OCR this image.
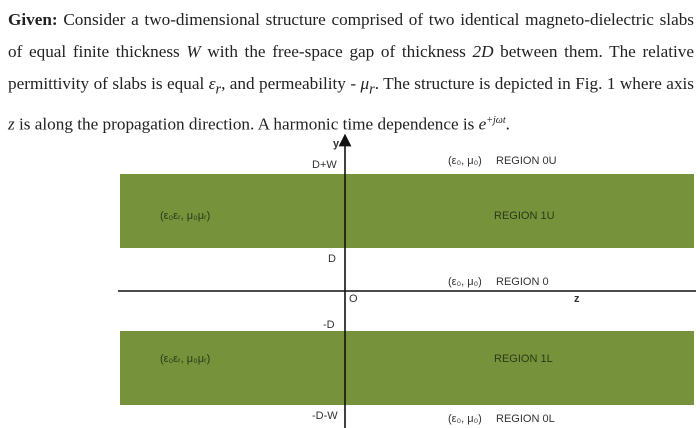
Given: Consider a two-dimensional structure comprised of two identical magneto-dielectric slabs
of equal finite thickness W with the free-space gap of thickness 2D between them. The relative
permittivity of slabs is equal $\varepsilon_r$, and permeability - $\mu_r$. The structure is depicted in Fig. 1 where axis
z is along the propagation direction. A harmonic time dependence is $e^{+j\omega t}$.

y
z
O
D+W
D
-D
-D-W
(ε₀εᵣ, μ₀μᵣ)
(ε₀εᵣ, μ₀μᵣ)
(ε₀, μ₀) REGION 0U
REGION 1U
(ε₀, μ₀) REGION 0
REGION 1L
(ε₀, μ₀) REGION 0L
